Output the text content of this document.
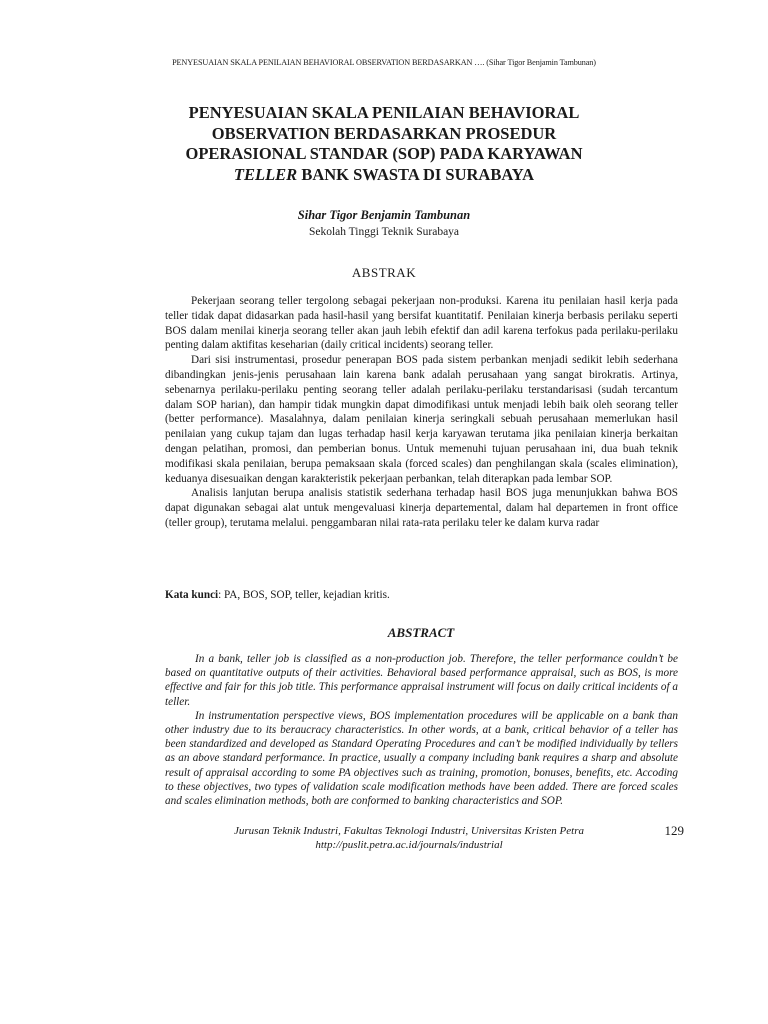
PENYESUAIAN SKALA PENILAIAN BEHAVIORAL OBSERVATION BERDASARKAN …. (Sihar Tigor Benjamin Tambunan)
PENYESUAIAN SKALA PENILAIAN BEHAVIORAL
OBSERVATION BERDASARKAN PROSEDUR
OPERASIONAL STANDAR (SOP) PADA KARYAWAN
TELLER BANK SWASTA DI SURABAYA
Sihar Tigor Benjamin Tambunan
Sekolah Tinggi Teknik Surabaya
ABSTRAK

Pekerjaan seorang teller tergolong sebagai pekerjaan non-produksi. Karena itu penilaian hasil kerja pada teller tidak dapat didasarkan pada hasil-hasil yang bersifat kuantitatif. Penilaian kinerja berbasis perilaku seperti BOS dalam menilai kinerja seorang teller akan jauh lebih efektif dan adil karena terfokus pada perilaku-perilaku penting dalam aktifitas keseharian (daily critical incidents) seorang teller.

Dari sisi instrumentasi, prosedur penerapan BOS pada sistem perbankan menjadi sedikit lebih sederhana dibandingkan jenis-jenis perusahaan lain karena bank adalah perusahaan yang sangat birokratis. Artinya, sebenarnya perilaku-perilaku penting seorang teller adalah perilaku-perilaku terstandarisasi (sudah tercantum dalam SOP harian), dan hampir tidak mungkin dapat dimodifikasi untuk menjadi lebih baik oleh seorang teller (better performance). Masalahnya, dalam penilaian kinerja seringkali sebuah perusahaan memerlukan hasil penilaian yang cukup tajam dan lugas terhadap hasil kerja karyawan terutama jika penilaian kinerja berkaitan dengan pelatihan, promosi, dan pemberian bonus. Untuk memenuhi tujuan perusahaan ini, dua buah teknik modifikasi skala penilaian, berupa pemaksaan skala (forced scales) dan penghilangan skala (scales elimination), keduanya disesuaikan dengan karakteristik pekerjaan perbankan, telah diterapkan pada lembar SOP.

Analisis lanjutan berupa analisis statistik sederhana terhadap hasil BOS juga menunjukkan bahwa BOS dapat digunakan sebagai alat untuk mengevaluasi kinerja departemental, dalam hal departemen in front office (teller group), terutama melalui. penggambaran nilai rata-rata perilaku teler ke dalam kurva radar

Kata kunci: PA, BOS, SOP, teller, kejadian kritis.
ABSTRACT

In a bank, teller job is classified as a non-production job. Therefore, the teller performance couldn’t be based on quantitative outputs of their activities. Behavioral based performance appraisal, such as BOS, is more effective and fair for this job title. This performance appraisal instrument will focus on daily critical incidents of a teller.

In instrumentation perspective views, BOS implementation procedures will be applicable on a bank than other industry due to its beraucracy characteristics. In other words, at a bank, critical behavior of a teller has been standardized and developed as Standard Operating Procedures and can’t be modified individually by tellers as an above standard performance. In practice, usually a company including bank requires a sharp and absolute result of appraisal according to some PA objectives such as training, promotion, bonuses, benefits, etc. Accoding to these objectives, two types of validation scale modification methods have been added. There are forced scales and scales elimination methods, both are conformed to banking characteristics and SOP.

Jurusan Teknik Industri, Fakultas Teknologi Industri, Universitas Kristen Petra
http://puslit.petra.ac.id/journals/industrial
129
